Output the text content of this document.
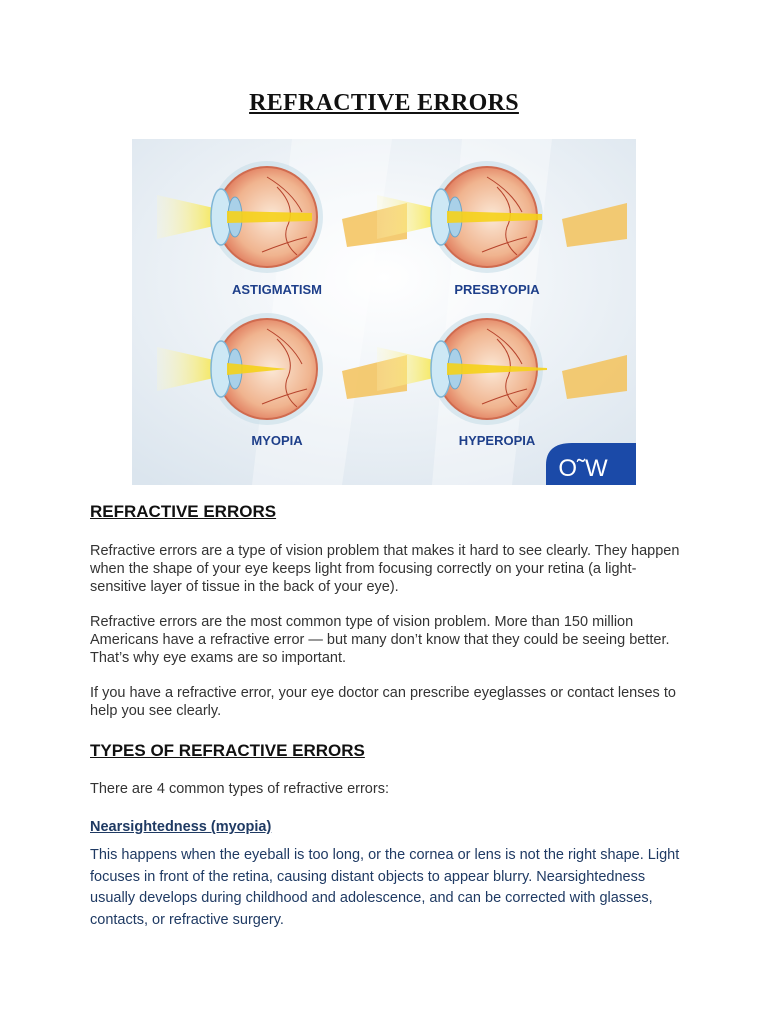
REFRACTIVE ERRORS
ASTIGMATISM	PRESBYOPIA
MYOPIA	HYPEROPIA
O˜W
REFRACTIVE ERRORS

Refractive errors are a type of vision problem that makes it hard to see clearly. They happen when the shape of your eye keeps light from focusing correctly on your retina (a light-sensitive layer of tissue in the back of your eye).

Refractive errors are the most common type of vision problem. More than 150 million Americans have a refractive error — but many don’t know that they could be seeing better. That’s why eye exams are so important.

If you have a refractive error, your eye doctor can prescribe eyeglasses or contact lenses to help you see clearly.

TYPES OF REFRACTIVE ERRORS

There are 4 common types of refractive errors:

Nearsightedness (myopia)

This happens when the eyeball is too long, or the cornea or lens is not the right shape. Light focuses in front of the retina, causing distant objects to appear blurry. Nearsightedness usually develops during childhood and adolescence, and can be corrected with glasses, contacts, or refractive surgery.
